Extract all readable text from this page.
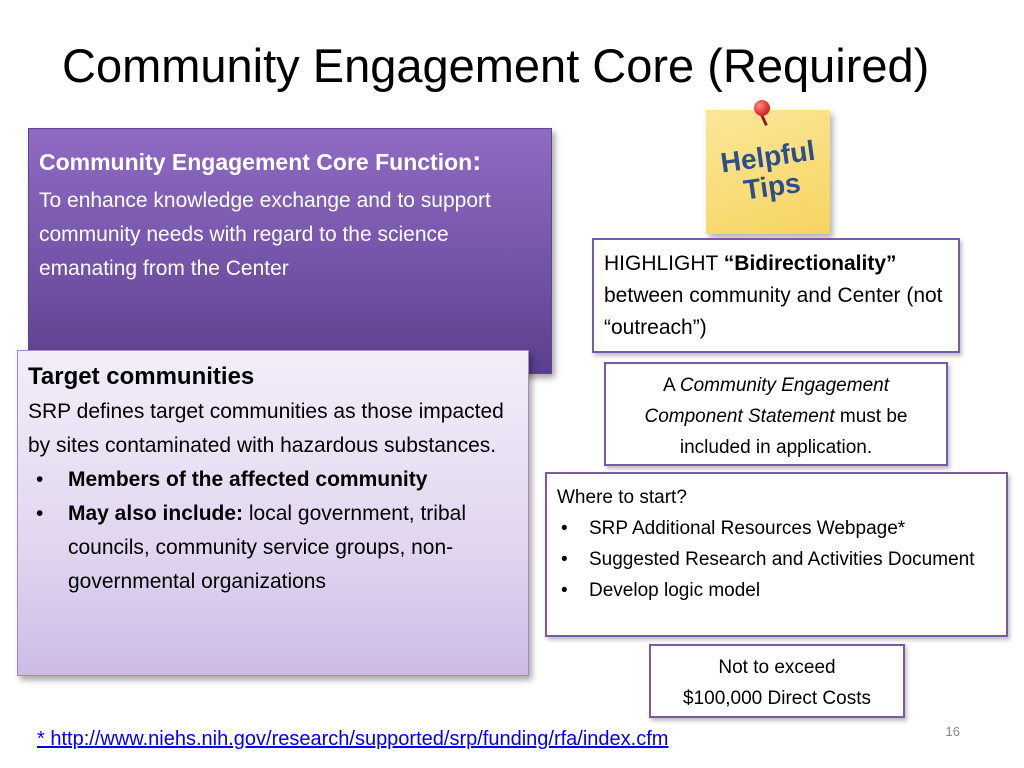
Community Engagement Core (Required)
Community Engagement Core Function:
To enhance knowledge exchange and to support community needs with regard to the science emanating from the Center
Target communities
SRP defines target communities as those impacted by sites contaminated with hazardous substances.
• Members of the affected community
• May also include: local government, tribal councils, community service groups, non-governmental organizations
Helpful
Tips
HIGHLIGHT “Bidirectionality” between community and Center (not “outreach”)
A Community Engagement Component Statement must be included in application.
Where to start?
• SRP Additional Resources Webpage*
• Suggested Research and Activities Document
• Develop logic model
Not to exceed
$100,000 Direct Costs
* http://www.niehs.nih.gov/research/supported/srp/funding/rfa/index.cfm	16
